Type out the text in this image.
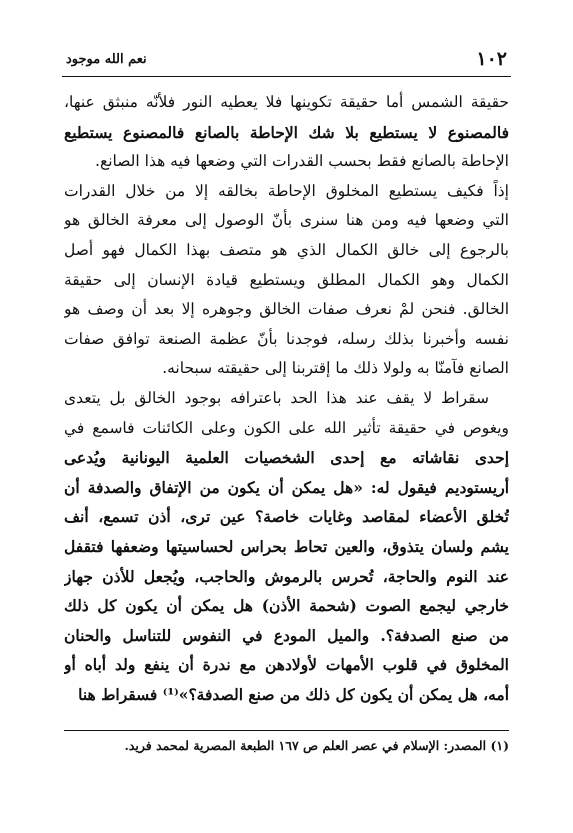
١٠٢
نعم الله موجود
حقيقة الشمس أما حقيقة تكوينها فلا يعطيه النور فلأنّه منبثق عنها،
فالمصنوع لا يستطيع بلا شك الإحاطة بالصانع فالمصنوع يستطيع
الإحاطة بالصانع فقط بحسب القدرات التي وضعها فيه هذا الصانع.
إذاً فكيف يستطيع المخلوق الإحاطة بخالقه إلا من خلال القدرات
التي وضعها فيه ومن هنا سنرى بأنّ الوصول إلى معرفة الخالق هو
بالرجوع إلى خالق الكمال الذي هو متصف بهذا الكمال فهو أصل
الكمال وهو الكمال المطلق ويستطيع قيادة الإنسان إلى حقيقة
الخالق. فنحن لمْ نعرف صفات الخالق وجوهره إلا بعد أن وصف هو
نفسه وأخبرنا بذلك رسله، فوجدنا بأنّ عظمة الصنعة توافق صفات
الصانع فآمنّا به ولولا ذلك ما إقتربنا إلى حقيقته سبحانه.
سقراط لا يقف عند هذا الحد باعترافه بوجود الخالق بل يتعدى
ويغوص في حقيقة تأثير الله على الكون وعلى الكائنات فاسمع في
إحدى نقاشاته مع إحدى الشخصيات العلمية اليونانية ويُدعى
أريستوديم فيقول له: «هل يمكن أن يكون من الإتفاق والصدفة أن
تُخلق الأعضاء لمقاصد وغايات خاصة؟ عين ترى، أذن تسمع، أنف
يشم ولسان يتذوق، والعين تحاط بحراس لحساسيتها وضعفها فتقفل
عند النوم والحاجة، تُحرس بالرموش والحاجب، ويُجعل للأذن جهاز
خارجي ليجمع الصوت (شحمة الأذن) هل يمكن أن يكون كل ذلك
من صنع الصدفة؟. والميل المودع في النفوس للتناسل والحنان
المخلوق في قلوب الأمهات لأولادهن مع ندرة أن ينفع ولد أباه أو
أمه، هل يمكن أن يكون كل ذلك من صنع الصدفة؟»⁽¹⁾ فسقراط هنا
(١) المصدر: الإسلام في عصر العلم ص ١٦٧ الطبعة المصرية لمحمد فريد.
